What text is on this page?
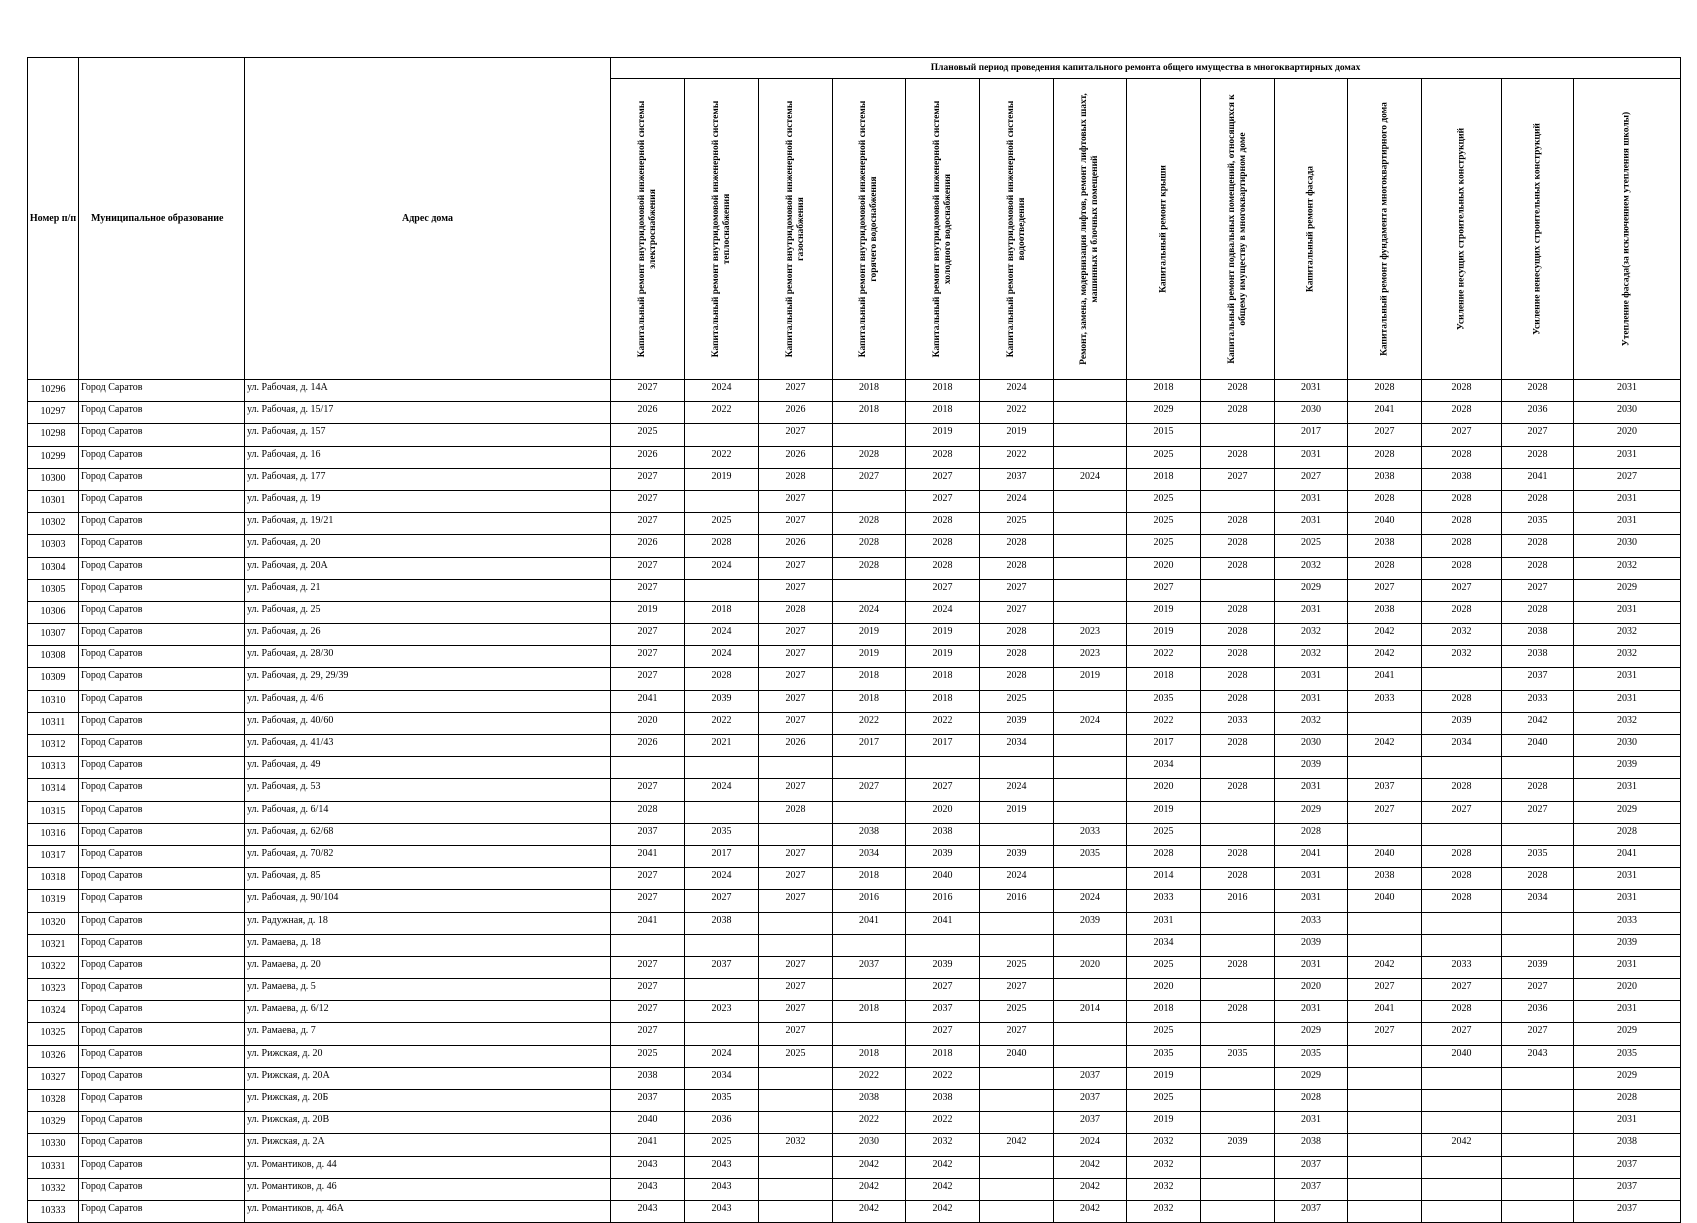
Номер п/п	Муниципальное образование	Адрес дома	Плановый период проведения капитального ремонта общего имущества в многоквартирных домах													

			Капитальный ремонт внутридомовой инженерной системы электроснабжения	Капитальный ремонт внутридомовой инженерной системы теплоснабжения	Капитальный ремонт внутридомовой инженерной системы газоснабжения	Капитальный ремонт внутридомовой инженерной системы горячего водоснабжения	Капитальный ремонт внутридомовой инженерной системы холодного водоснабжения	Капитальный ремонт внутридомовой инженерной системы водоотведения	Ремонт, замена, модернизация лифтов, ремонт лифтовых шахт, машинных и блочных помещений	Капитальный ремонт крыши	Капитальный ремонт подвальных помещений, относящихся к общему имуществу в многоквартирном доме	Капитальный ремонт фасада	Капитальный ремонт фундамента многоквартирного дома	Усиление несущих строительных конструкций	Усиление ненесущих строительных конструкций	Утепление фасада(за исключением утепления школы)

10296	Город Саратов	ул. Рабочая, д. 14А	2027	2024	2027	2018	2018	2024		2018	2028	2031	2028	2028	2028	2031
10297	Город Саратов	ул. Рабочая, д. 15/17	2026	2022	2026	2018	2018	2022		2029	2028	2030	2041	2028	2036	2030
10298	Город Саратов	ул. Рабочая, д. 157	2025		2027		2019	2019		2015		2017	2027	2027	2027	2020
10299	Город Саратов	ул. Рабочая, д. 16	2026	2022	2026	2028	2028	2022		2025	2028	2031	2028	2028	2028	2031
10300	Город Саратов	ул. Рабочая, д. 177	2027	2019	2028	2027	2027	2037	2024	2018	2027	2027	2038	2038	2041	2027
10301	Город Саратов	ул. Рабочая, д. 19	2027		2027		2027	2024		2025		2031	2028	2028	2028	2031
10302	Город Саратов	ул. Рабочая, д. 19/21	2027	2025	2027	2028	2028	2025		2025	2028	2031	2040	2028	2035	2031
10303	Город Саратов	ул. Рабочая, д. 20	2026	2028	2026	2028	2028	2028		2025	2028	2025	2038	2028	2028	2030
10304	Город Саратов	ул. Рабочая, д. 20А	2027	2024	2027	2028	2028	2028		2020	2028	2032	2028	2028	2028	2032
10305	Город Саратов	ул. Рабочая, д. 21	2027		2027		2027	2027		2027		2029	2027	2027	2027	2029
10306	Город Саратов	ул. Рабочая, д. 25	2019	2018	2028	2024	2024	2027		2019	2028	2031	2038	2028	2028	2031
10307	Город Саратов	ул. Рабочая, д. 26	2027	2024	2027	2019	2019	2028	2023	2019	2028	2032	2042	2032	2038	2032
10308	Город Саратов	ул. Рабочая, д. 28/30	2027	2024	2027	2019	2019	2028	2023	2022	2028	2032	2042	2032	2038	2032
10309	Город Саратов	ул. Рабочая, д. 29, 29/39	2027	2028	2027	2018	2018	2028	2019	2018	2028	2031	2041		2037	2031
10310	Город Саратов	ул. Рабочая, д. 4/6	2041	2039	2027	2018	2018	2025		2035	2028	2031	2033	2028	2033	2031
10311	Город Саратов	ул. Рабочая, д. 40/60	2020	2022	2027	2022	2022	2039	2024	2022	2033	2032		2039	2042	2032
10312	Город Саратов	ул. Рабочая, д. 41/43	2026	2021	2026	2017	2017	2034		2017	2028	2030	2042	2034	2040	2030
10313	Город Саратов	ул. Рабочая, д. 49								2034		2039				2039
10314	Город Саратов	ул. Рабочая, д. 53	2027	2024	2027	2027	2027	2024		2020	2028	2031	2037	2028	2028	2031
10315	Город Саратов	ул. Рабочая, д. 6/14	2028		2028		2020	2019		2019		2029	2027	2027	2027	2029
10316	Город Саратов	ул. Рабочая, д. 62/68	2037	2035		2038	2038		2033	2025		2028				2028
10317	Город Саратов	ул. Рабочая, д. 70/82	2041	2017	2027	2034	2039	2039	2035	2028	2028	2041	2040	2028	2035	2041
10318	Город Саратов	ул. Рабочая, д. 85	2027	2024	2027	2018	2040	2024		2014	2028	2031	2038	2028	2028	2031
10319	Город Саратов	ул. Рабочая, д. 90/104	2027	2027	2027	2016	2016	2016	2024	2033	2016	2031	2040	2028	2034	2031
10320	Город Саратов	ул. Радужная, д. 18	2041	2038		2041	2041		2039	2031		2033				2033
10321	Город Саратов	ул. Рамаева, д. 18								2034		2039				2039
10322	Город Саратов	ул. Рамаева, д. 20	2027	2037	2027	2037	2039	2025	2020	2025	2028	2031	2042	2033	2039	2031
10323	Город Саратов	ул. Рамаева, д. 5	2027		2027		2027	2027		2020		2020	2027	2027	2027	2020
10324	Город Саратов	ул. Рамаева, д. 6/12	2027	2023	2027	2018	2037	2025	2014	2018	2028	2031	2041	2028	2036	2031
10325	Город Саратов	ул. Рамаева, д. 7	2027		2027		2027	2027		2025		2029	2027	2027	2027	2029
10326	Город Саратов	ул. Рижская, д. 20	2025	2024	2025	2018	2018	2040		2035	2035	2035		2040	2043	2035
10327	Город Саратов	ул. Рижская, д. 20А	2038	2034		2022	2022		2037	2019		2029				2029
10328	Город Саратов	ул. Рижская, д. 20Б	2037	2035		2038	2038		2037	2025		2028				2028
10329	Город Саратов	ул. Рижская, д. 20В	2040	2036		2022	2022		2037	2019		2031				2031
10330	Город Саратов	ул. Рижская, д. 2А	2041	2025	2032	2030	2032	2042	2024	2032	2039	2038		2042		2038
10331	Город Саратов	ул. Романтиков, д. 44	2043	2043		2042	2042		2042	2032		2037				2037
10332	Город Саратов	ул. Романтиков, д. 46	2043	2043		2042	2042		2042	2032		2037				2037
10333	Город Саратов	ул. Романтиков, д. 46А	2043	2043		2042	2042		2042	2032		2037				2037
